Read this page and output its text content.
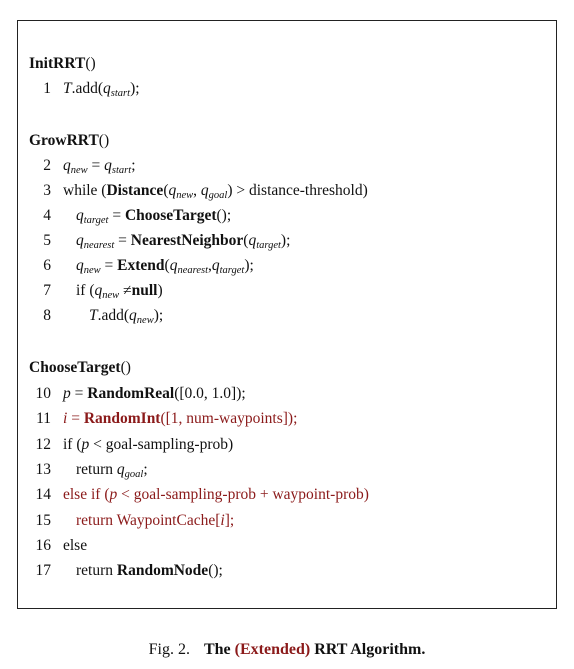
InitRRT()
1 $T.add(q_{start})$;
GrowRRT()
2 $q_{new} = q_{start}$;
3 while ($Distance(q_{new}$, $q_{goal}$) > distance-threshold)
4 $q_{target}$ = ChooseTarget();
5 $q_{nearest}$ = $NearestNeighbor(q_{target})$;
6 $q_{new}$ = $Extend(q_{nearest},q_{target})$;
7 if ($q_{new}$ ≠null)
8 $T.add(q_{new})$;
ChooseTarget()
10 p = RandomReal([0.0, 1.0]);
11 i = RandomInt([1, num-waypoints]);
12 if (p < goal-sampling-prob)
13 return $q_{goal}$;
14 else if (p < goal-sampling-prob + waypoint-prob)
15 return WaypointCache[i];
16 else
17 return RandomNode();
Fig. 2. The (Extended) RRT Algorithm.
